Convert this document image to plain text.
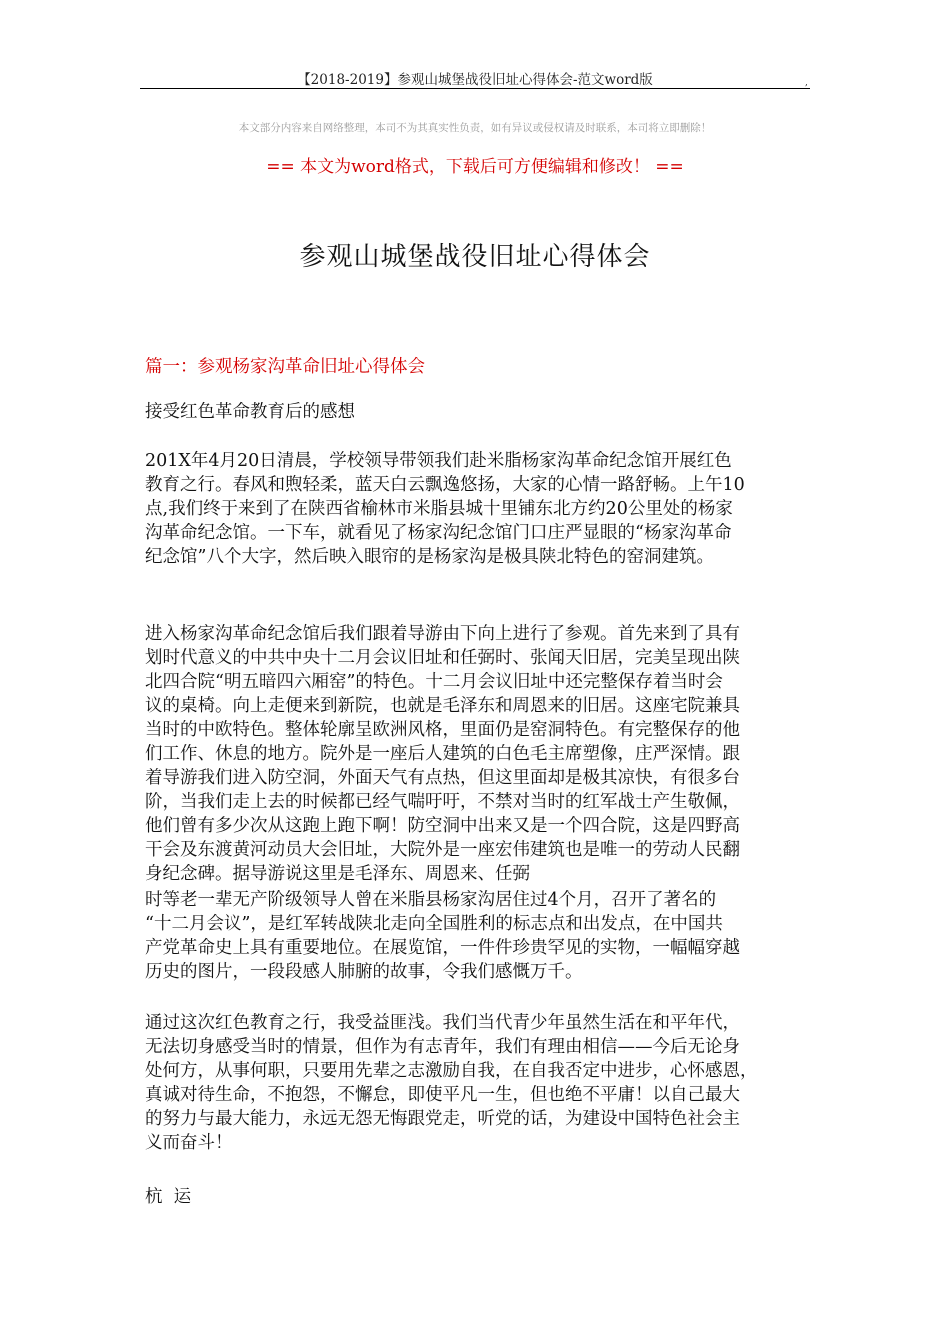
【2018-2019】参观山城堡战役旧址心得体会-范文word版	,
本文部分内容来自网络整理，本司不为其真实性负责，如有异议或侵权请及时联系，本司将立即删除！
== 本文为word格式，下载后可方便编辑和修改！ ==
参观山城堡战役旧址心得体会
篇一：参观杨家沟革命旧址心得体会
接受红色革命教育后的感想
201X年4月20日清晨，学校领导带领我们赴米脂杨家沟革命纪念馆开展红色
教育之行。春风和煦轻柔，蓝天白云飘逸悠扬，大家的心情一路舒畅。上午10
点,我们终于来到了在陕西省榆林市米脂县城十里铺东北方约20公里处的杨家
沟革命纪念馆。一下车，就看见了杨家沟纪念馆门口庄严显眼的“杨家沟革命
纪念馆”八个大字，然后映入眼帘的是杨家沟是极具陕北特色的窑洞建筑。
进入杨家沟革命纪念馆后我们跟着导游由下向上进行了参观。首先来到了具有
划时代意义的中共中央十二月会议旧址和任弼时、张闻天旧居，完美呈现出陕
北四合院“明五暗四六厢窑”的特色。十二月会议旧址中还完整保存着当时会
议的桌椅。向上走便来到新院，也就是毛泽东和周恩来的旧居。这座宅院兼具
当时的中欧特色。整体轮廓呈欧洲风格，里面仍是窑洞特色。有完整保存的他
们工作、休息的地方。院外是一座后人建筑的白色毛主席塑像，庄严深情。跟
着导游我们进入防空洞，外面天气有点热，但这里面却是极其凉快，有很多台
阶，当我们走上去的时候都已经气喘吁吁，不禁对当时的红军战士产生敬佩，
他们曾有多少次从这跑上跑下啊！防空洞中出来又是一个四合院，这是四野高
干会及东渡黄河动员大会旧址，大院外是一座宏伟建筑也是唯一的劳动人民翻
身纪念碑。据导游说这里是毛泽东、周恩来、任弼
时等老一辈无产阶级领导人曾在米脂县杨家沟居住过4个月，召开了著名的
“十二月会议”，是红军转战陕北走向全国胜利的标志点和出发点，在中国共
产党革命史上具有重要地位。在展览馆，一件件珍贵罕见的实物，一幅幅穿越
历史的图片，一段段感人肺腑的故事，令我们感慨万千。
通过这次红色教育之行，我受益匪浅。我们当代青少年虽然生活在和平年代，
无法切身感受当时的情景，但作为有志青年，我们有理由相信——今后无论身
处何方，从事何职，只要用先辈之志激励自我，在自我否定中进步，心怀感恩，
真诚对待生命，不抱怨，不懈怠，即使平凡一生，但也绝不平庸！以自己最大
的努力与最大能力，永远无怨无悔跟党走，听党的话，为建设中国特色社会主
义而奋斗！
杭  运
